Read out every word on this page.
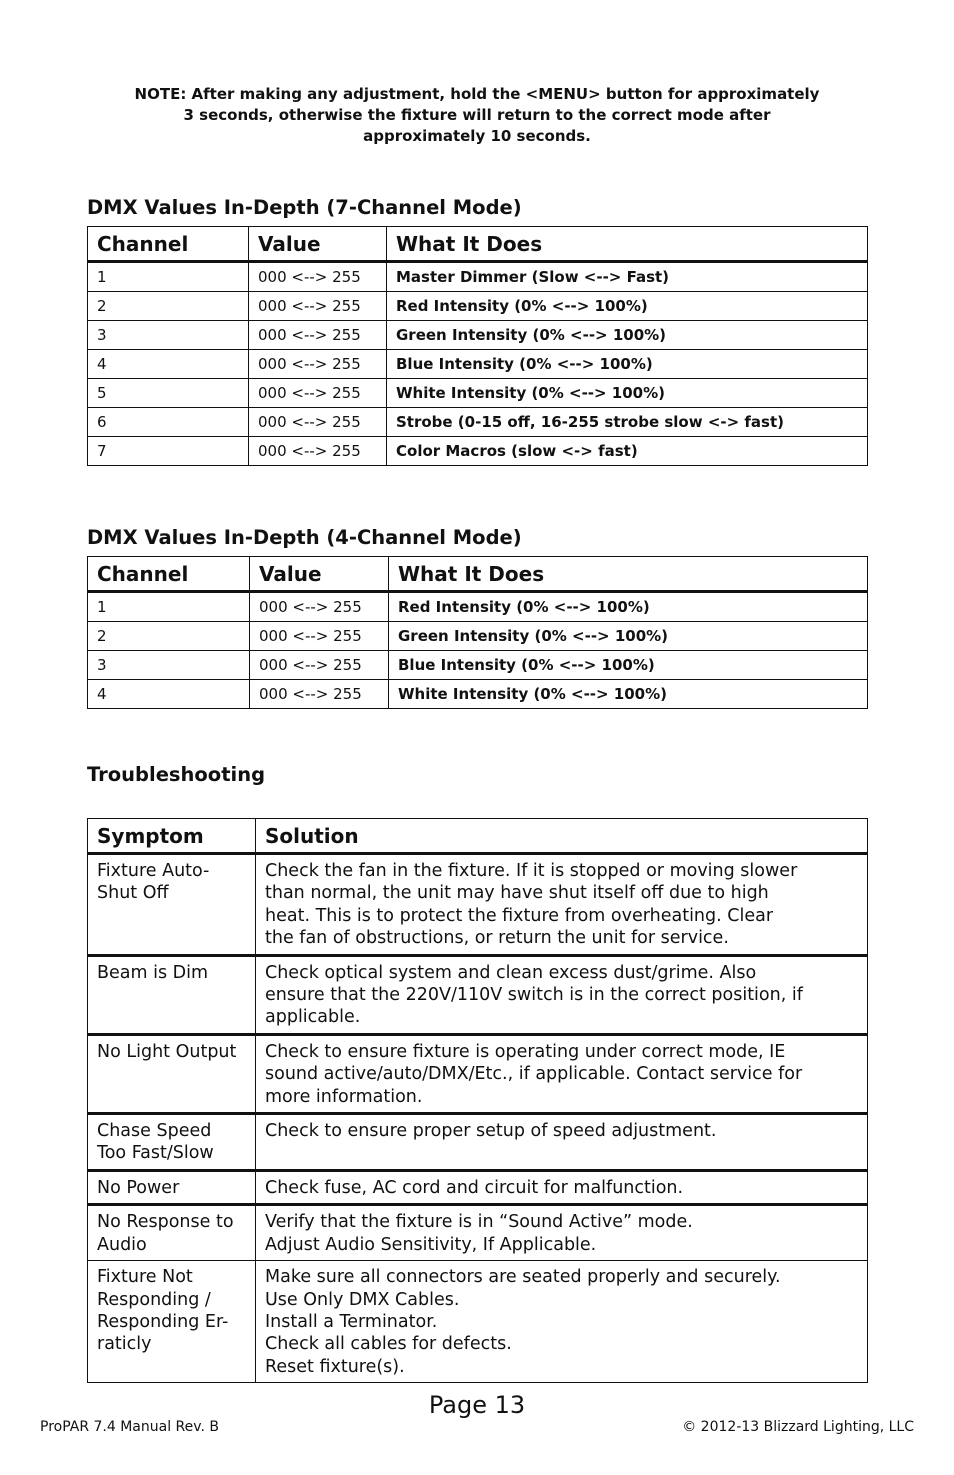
NOTE: After making any adjustment, hold the <MENU> button for approximately
3 seconds, otherwise the fixture will return to the correct mode after
approximately 10 seconds.
DMX Values In-Depth (7-Channel Mode)
Channel	Value	What It Does
1	000 <--> 255	Master Dimmer (Slow <--> Fast)
2	000 <--> 255	Red Intensity (0% <--> 100%)
3	000 <--> 255	Green Intensity (0% <--> 100%)
4	000 <--> 255	Blue Intensity (0% <--> 100%)
5	000 <--> 255	White Intensity (0% <--> 100%)
6	000 <--> 255	Strobe (0-15 off, 16-255 strobe slow <-> fast)
7	000 <--> 255	Color Macros (slow <-> fast)
DMX Values In-Depth (4-Channel Mode)
Channel	Value	What It Does
1	000 <--> 255	Red Intensity (0% <--> 100%)
2	000 <--> 255	Green Intensity (0% <--> 100%)
3	000 <--> 255	Blue Intensity (0% <--> 100%)
4	000 <--> 255	White Intensity (0% <--> 100%)
Troubleshooting
Symptom	Solution

Fixture Auto-
Shut Off	Check the fan in the fixture. If it is stopped or moving slower
than normal, the unit may have shut itself off due to high
heat. This is to protect the fixture from overheating. Clear
the fan of obstructions, or return the unit for service.

Beam is Dim	Check optical system and clean excess dust/grime. Also
ensure that the 220V/110V switch is in the correct position, if
applicable.

No Light Output	Check to ensure fixture is operating under correct mode, IE
sound active/auto/DMX/Etc., if applicable. Contact service for
more information.

Chase Speed
Too Fast/Slow	Check to ensure proper setup of speed adjustment.

No Power	Check fuse, AC cord and circuit for malfunction.

No Response to
Audio	Verify that the fixture is in “Sound Active” mode.
Adjust Audio Sensitivity, If Applicable.

Fixture Not
Responding /
Responding Er-
raticly	Make sure all connectors are seated properly and securely.
Use Only DMX Cables.
Install a Terminator.
Check all cables for defects.
Reset fixture(s).
Page 13
ProPAR 7.4 Manual Rev. B	© 2012-13 Blizzard Lighting, LLC
